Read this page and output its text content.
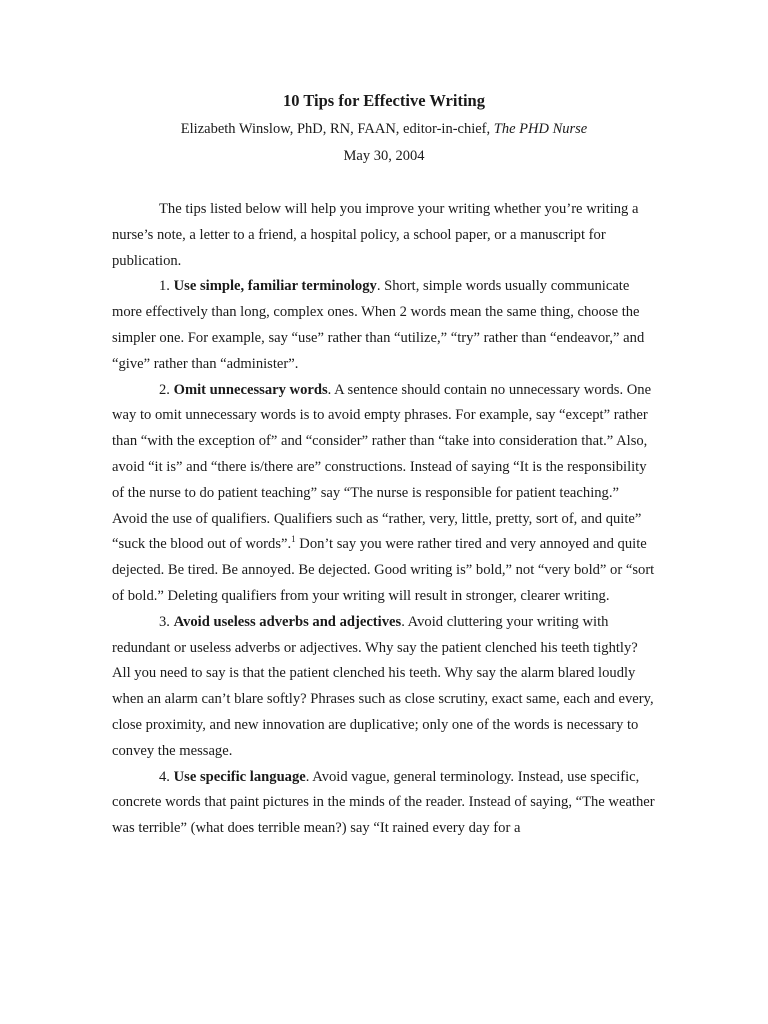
10 Tips for Effective Writing
Elizabeth Winslow, PhD, RN, FAAN, editor-in-chief, The PHD Nurse
May 30, 2004

The tips listed below will help you improve your writing whether you’re writing a nurse’s note, a letter to a friend, a hospital policy, a school paper, or a manuscript for publication.

1. Use simple, familiar terminology. Short, simple words usually communicate more effectively than long, complex ones. When 2 words mean the same thing, choose the simpler one. For example, say “use” rather than “utilize,” “try” rather than “endeavor,” and “give” rather than “administer”.

2. Omit unnecessary words. A sentence should contain no unnecessary words. One way to omit unnecessary words is to avoid empty phrases. For example, say “except” rather than “with the exception of” and “consider” rather than “take into consideration that.” Also, avoid “it is” and “there is/there are” constructions. Instead of saying “It is the responsibility of the nurse to do patient teaching” say “The nurse is responsible for patient teaching.” Avoid the use of qualifiers. Qualifiers such as “rather, very, little, pretty, sort of, and quite” “suck the blood out of words”.$^1$ Don’t say you were rather tired and very annoyed and quite dejected. Be tired. Be annoyed. Be dejected. Good writing is” bold,” not “very bold” or “sort of bold.” Deleting qualifiers from your writing will result in stronger, clearer writing.

3. Avoid useless adverbs and adjectives. Avoid cluttering your writing with redundant or useless adverbs or adjectives. Why say the patient clenched his teeth tightly? All you need to say is that the patient clenched his teeth. Why say the alarm blared loudly when an alarm can’t blare softly? Phrases such as close scrutiny, exact same, each and every, close proximity, and new innovation are duplicative; only one of the words is necessary to convey the message.

4. Use specific language. Avoid vague, general terminology. Instead, use specific, concrete words that paint pictures in the minds of the reader. Instead of saying, “The weather was terrible” (what does terrible mean?) say “It rained every day for a
